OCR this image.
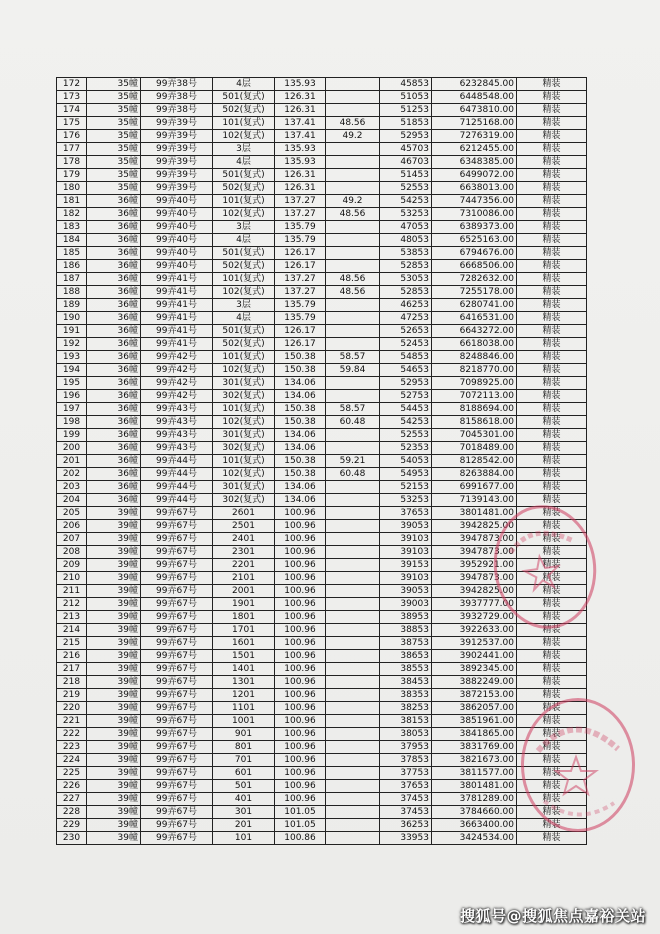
172	35幢	99弄38号	4层	135.93		45853	6232845.00	精装
173	35幢	99弄38号	501(复式)	126.31		51053	6448548.00	精装
174	35幢	99弄38号	502(复式)	126.31		51253	6473810.00	精装
175	35幢	99弄39号	101(复式)	137.41	48.56	51853	7125168.00	精装
176	35幢	99弄39号	102(复式)	137.41	49.2	52953	7276319.00	精装
177	35幢	99弄39号	3层	135.93		45703	6212455.00	精装
178	35幢	99弄39号	4层	135.93		46703	6348385.00	精装
179	35幢	99弄39号	501(复式)	126.31		51453	6499072.00	精装
180	35幢	99弄39号	502(复式)	126.31		52553	6638013.00	精装
181	36幢	99弄40号	101(复式)	137.27	49.2	54253	7447356.00	精装
182	36幢	99弄40号	102(复式)	137.27	48.56	53253	7310086.00	精装
183	36幢	99弄40号	3层	135.79		47053	6389373.00	精装
184	36幢	99弄40号	4层	135.79		48053	6525163.00	精装
185	36幢	99弄40号	501(复式)	126.17		53853	6794676.00	精装
186	36幢	99弄40号	502(复式)	126.17		52853	6668506.00	精装
187	36幢	99弄41号	101(复式)	137.27	48.56	53053	7282632.00	精装
188	36幢	99弄41号	102(复式)	137.27	48.56	52853	7255178.00	精装
189	36幢	99弄41号	3层	135.79		46253	6280741.00	精装
190	36幢	99弄41号	4层	135.79		47253	6416531.00	精装
191	36幢	99弄41号	501(复式)	126.17		52653	6643272.00	精装
192	36幢	99弄41号	502(复式)	126.17		52453	6618038.00	精装
193	36幢	99弄42号	101(复式)	150.38	58.57	54853	8248846.00	精装
194	36幢	99弄42号	102(复式)	150.38	59.84	54653	8218770.00	精装
195	36幢	99弄42号	301(复式)	134.06		52953	7098925.00	精装
196	36幢	99弄42号	302(复式)	134.06		52753	7072113.00	精装
197	36幢	99弄43号	101(复式)	150.38	58.57	54453	8188694.00	精装
198	36幢	99弄43号	102(复式)	150.38	60.48	54253	8158618.00	精装
199	36幢	99弄43号	301(复式)	134.06		52553	7045301.00	精装
200	36幢	99弄43号	302(复式)	134.06		52353	7018489.00	精装
201	36幢	99弄44号	101(复式)	150.38	59.21	54053	8128542.00	精装
202	36幢	99弄44号	102(复式)	150.38	60.48	54953	8263884.00	精装
203	36幢	99弄44号	301(复式)	134.06		52153	6991677.00	精装
204	36幢	99弄44号	302(复式)	134.06		53253	7139143.00	精装
205	39幢	99弄67号	2601	100.96		37653	3801481.00	精装
206	39幢	99弄67号	2501	100.96		39053	3942825.00	精装
207	39幢	99弄67号	2401	100.96		39103	3947873.00	精装
208	39幢	99弄67号	2301	100.96		39103	3947873.00	精装
209	39幢	99弄67号	2201	100.96		39153	3952921.00	精装
210	39幢	99弄67号	2101	100.96		39103	3947873.00	精装
211	39幢	99弄67号	2001	100.96		39053	3942825.00	精装
212	39幢	99弄67号	1901	100.96		39003	3937777.00	精装
213	39幢	99弄67号	1801	100.96		38953	3932729.00	精装
214	39幢	99弄67号	1701	100.96		38853	3922633.00	精装
215	39幢	99弄67号	1601	100.96		38753	3912537.00	精装
216	39幢	99弄67号	1501	100.96		38653	3902441.00	精装
217	39幢	99弄67号	1401	100.96		38553	3892345.00	精装
218	39幢	99弄67号	1301	100.96		38453	3882249.00	精装
219	39幢	99弄67号	1201	100.96		38353	3872153.00	精装
220	39幢	99弄67号	1101	100.96		38253	3862057.00	精装
221	39幢	99弄67号	1001	100.96		38153	3851961.00	精装
222	39幢	99弄67号	901	100.96		38053	3841865.00	精装
223	39幢	99弄67号	801	100.96		37953	3831769.00	精装
224	39幢	99弄67号	701	100.96		37853	3821673.00	精装
225	39幢	99弄67号	601	100.96		37753	3811577.00	精装
226	39幢	99弄67号	501	100.96		37653	3801481.00	精装
227	39幢	99弄67号	401	100.96		37453	3781289.00	精装
228	39幢	99弄67号	301	101.05		37453	3784660.00	精装
229	39幢	99弄67号	201	101.05		36253	3663400.00	精装
230	39幢	99弄67号	101	100.86		33953	3424534.00	精装
搜狐号@搜狐焦点嘉裕关站
